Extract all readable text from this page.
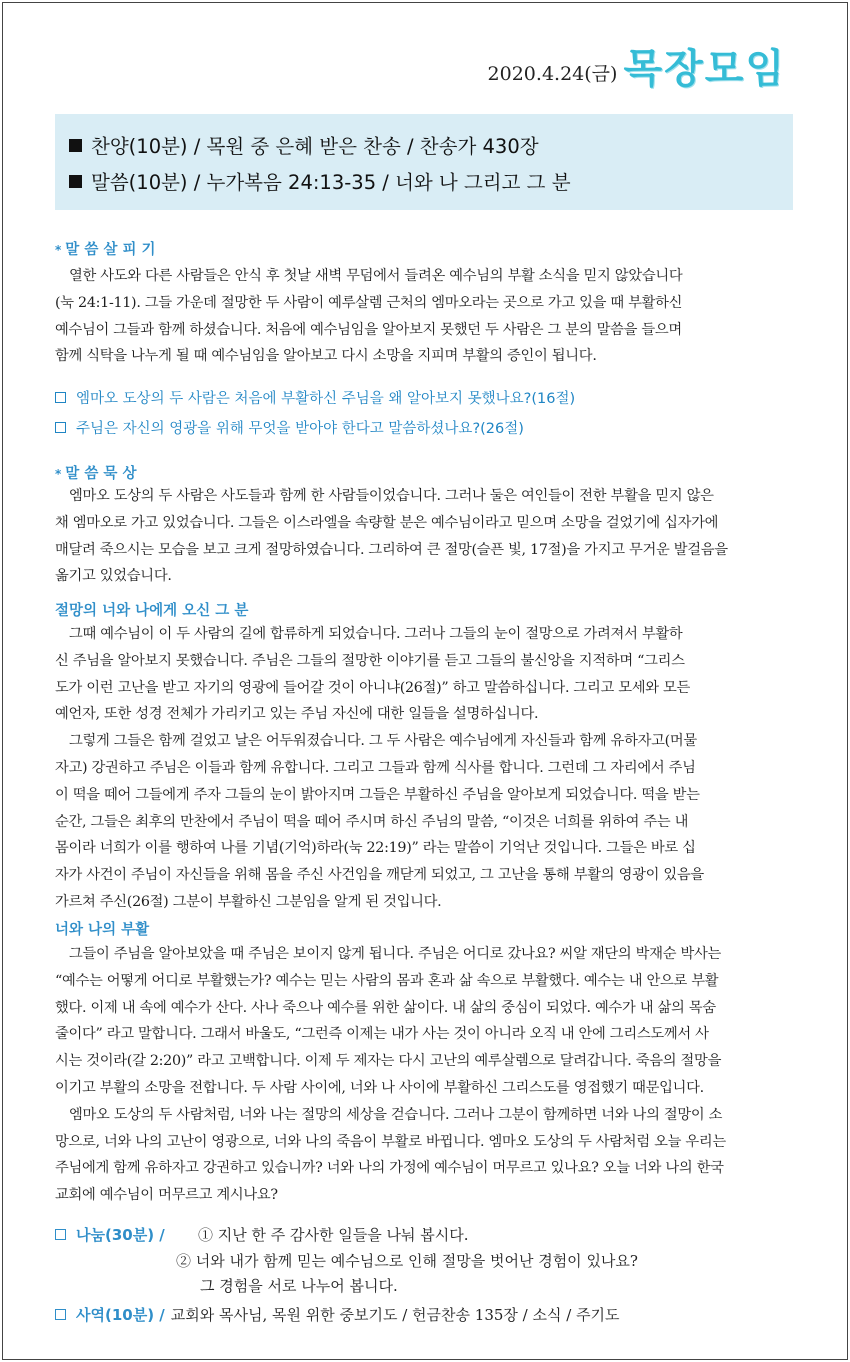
2020.4.24(금) 목장모임
찬양(10분) / 목원 중 은혜 받은 찬송 / 찬송가 430장
말씀(10분) / 누가복음 24:13-35 / 너와 나 그리고 그 분
* 말 씀 살 피 기
　열한 사도와 다른 사람들은 안식 후 첫날 새벽 무덤에서 들려온 예수님의 부활 소식을 믿지 않았습니다
(눅 24:1-11). 그들 가운데 절망한 두 사람이 예루살렘 근처의 엠마오라는 곳으로 가고 있을 때 부활하신
예수님이 그들과 함께 하셨습니다. 처음에 예수님임을 알아보지 못했던 두 사람은 그 분의 말씀을 들으며
함께 식탁을 나누게 될 때 예수님임을 알아보고 다시 소망을 지피며 부활의 증인이 됩니다.
엠마오 도상의 두 사람은 처음에 부활하신 주님을 왜 알아보지 못했나요?(16절)
주님은 자신의 영광을 위해 무엇을 받아야 한다고 말씀하셨나요?(26절)
* 말 씀 묵 상
　엠마오 도상의 두 사람은 사도들과 함께 한 사람들이었습니다. 그러나 둘은 여인들이 전한 부활을 믿지 않은
채 엠마오로 가고 있었습니다. 그들은 이스라엘을 속량할 분은 예수님이라고 믿으며 소망을 걸었기에 십자가에
매달려 죽으시는 모습을 보고 크게 절망하였습니다. 그리하여 큰 절망(슬픈 빛, 17절)을 가지고 무거운 발걸음을
옮기고 있었습니다.
절망의 너와 나에게 오신 그 분
　그때 예수님이 이 두 사람의 길에 합류하게 되었습니다. 그러나 그들의 눈이 절망으로 가려져서 부활하
신 주님을 알아보지 못했습니다. 주님은 그들의 절망한 이야기를 듣고 그들의 불신앙을 지적하며 “그리스
도가 이런 고난을 받고 자기의 영광에 들어갈 것이 아니냐(26절)” 하고 말씀하십니다. 그리고 모세와 모든
예언자, 또한 성경 전체가 가리키고 있는 주님 자신에 대한 일들을 설명하십니다.
　그렇게 그들은 함께 걸었고 날은 어두워졌습니다. 그 두 사람은 예수님에게 자신들과 함께 유하자고(머물
자고) 강권하고 주님은 이들과 함께 유합니다. 그리고 그들과 함께 식사를 합니다. 그런데 그 자리에서 주님
이 떡을 떼어 그들에게 주자 그들의 눈이 밝아지며 그들은 부활하신 주님을 알아보게 되었습니다. 떡을 받는
순간, 그들은 최후의 만찬에서 주님이 떡을 떼어 주시며 하신 주님의 말씀, “이것은 너희를 위하여 주는 내
몸이라 너희가 이를 행하여 나를 기념(기억)하라(눅 22:19)” 라는 말씀이 기억난 것입니다. 그들은 바로 십
자가 사건이 주님이 자신들을 위해 몸을 주신 사건임을 깨닫게 되었고, 그 고난을 통해 부활의 영광이 있음을
가르쳐 주신(26절) 그분이 부활하신 그분임을 알게 된 것입니다.
너와 나의 부활
　그들이 주님을 알아보았을 때 주님은 보이지 않게 됩니다. 주님은 어디로 갔나요? 씨알 재단의 박재순 박사는
“예수는 어떻게 어디로 부활했는가? 예수는 믿는 사람의 몸과 혼과 삶 속으로 부활했다. 예수는 내 안으로 부활
했다. 이제 내 속에 예수가 산다. 사나 죽으나 예수를 위한 삶이다. 내 삶의 중심이 되었다. 예수가 내 삶의 목숨
줄이다” 라고 말합니다. 그래서 바울도, “그런즉 이제는 내가 사는 것이 아니라 오직 내 안에 그리스도께서 사
시는 것이라(갈 2:20)” 라고 고백합니다. 이제 두 제자는 다시 고난의 예루살렘으로 달려갑니다. 죽음의 절망을
이기고 부활의 소망을 전합니다. 두 사람 사이에, 너와 나 사이에 부활하신 그리스도를 영접했기 때문입니다.
　엠마오 도상의 두 사람처럼, 너와 나는 절망의 세상을 걷습니다. 그러나 그분이 함께하면 너와 나의 절망이 소
망으로, 너와 나의 고난이 영광으로, 너와 나의 죽음이 부활로 바뀝니다. 엠마오 도상의 두 사람처럼 오늘 우리는
주님에게 함께 유하자고 강권하고 있습니까? 너와 나의 가정에 예수님이 머무르고 있나요? 오늘 너와 나의 한국
교회에 예수님이 머무르고 계시나요?
나눔(30분) /	① 지난 한 주 감사한 일들을 나눠 봅시다.
② 너와 내가 함께 믿는 예수님으로 인해 절망을 벗어난 경험이 있나요?
그 경험을 서로 나누어 봅니다.
사역(10분) / 교회와 목사님, 목원 위한 중보기도 / 헌금찬송 135장 / 소식 / 주기도
